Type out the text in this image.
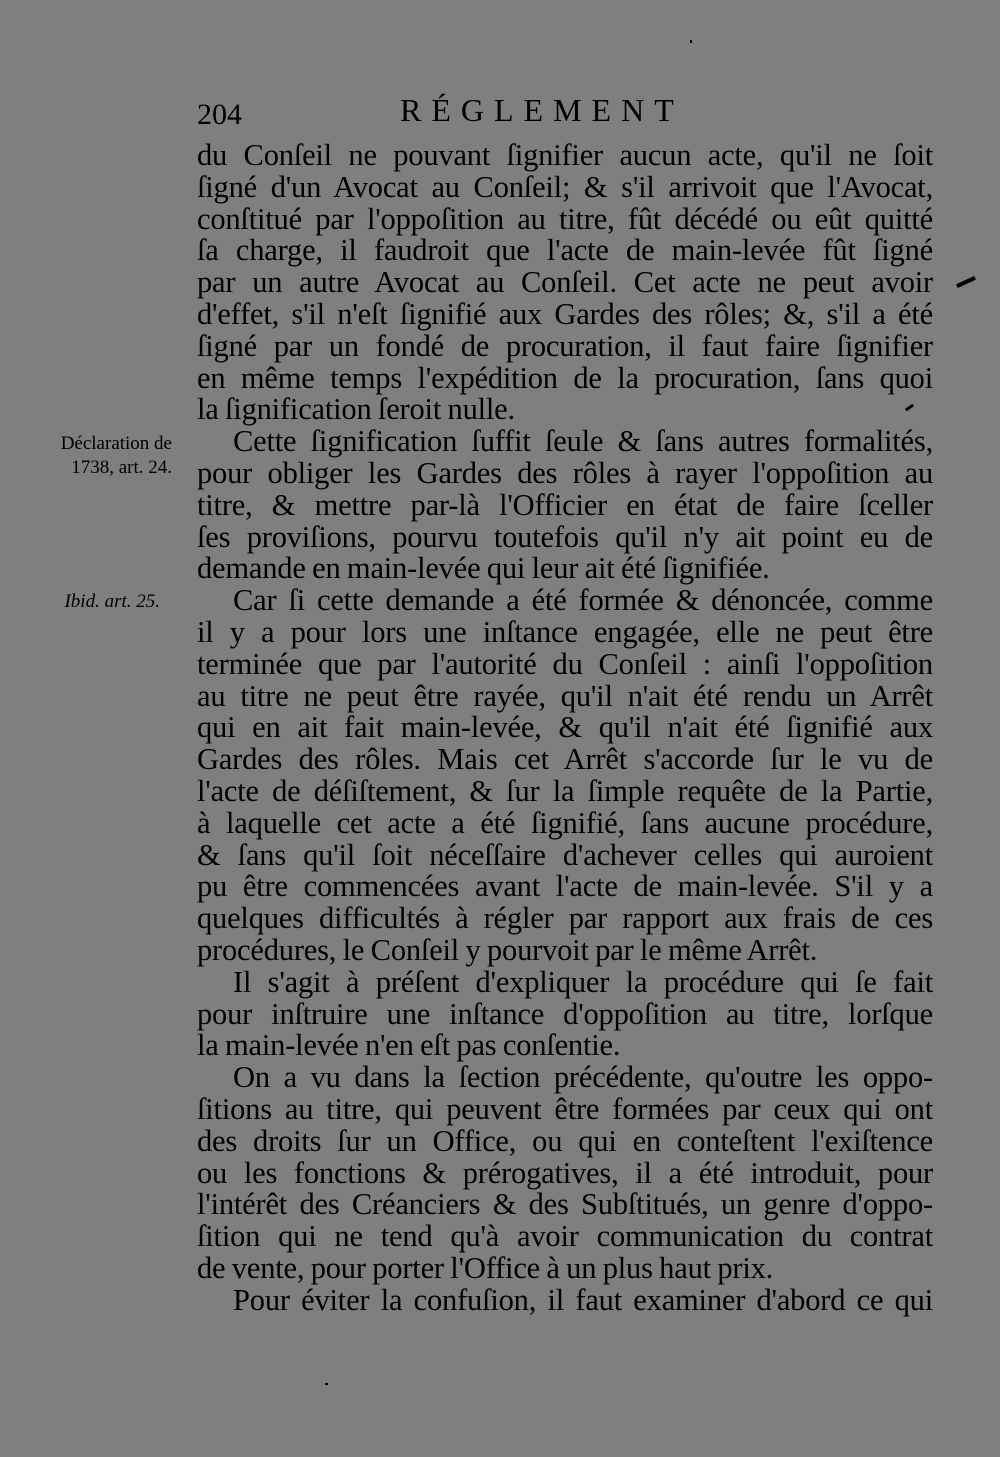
204	RÉGLEMENT
Déclaration de
1738, art. 24.
Ibid. art. 25.
du Conſeil ne pouvant ſignifier aucun acte, qu'il ne ſoit
ſigné d'un Avocat au Conſeil; & s'il arrivoit que l'Avocat,
conſtitué par l'oppoſition au titre, fût décédé ou eût quitté
ſa charge, il faudroit que l'acte de main-levée fût ſigné
par un autre Avocat au Conſeil. Cet acte ne peut avoir
d'effet, s'il n'eſt ſignifié aux Gardes des rôles; &, s'il a été
ſigné par un fondé de procuration, il faut faire ſignifier
en même temps l'expédition de la procuration, ſans quoi
la ſignification ſeroit nulle.
Cette ſignification ſuffit ſeule & ſans autres formalités,
pour obliger les Gardes des rôles à rayer l'oppoſition au
titre, & mettre par-là l'Officier en état de faire ſceller
ſes proviſions, pourvu toutefois qu'il n'y ait point eu de
demande en main-levée qui leur ait été ſignifiée.
Car ſi cette demande a été formée & dénoncée, comme
il y a pour lors une inſtance engagée, elle ne peut être
terminée que par l'autorité du Conſeil : ainſi l'oppoſition
au titre ne peut être rayée, qu'il n'ait été rendu un Arrêt
qui en ait fait main-levée, & qu'il n'ait été ſignifié aux
Gardes des rôles. Mais cet Arrêt s'accorde ſur le vu de
l'acte de déſiſtement, & ſur la ſimple requête de la Partie,
à laquelle cet acte a été ſignifié, ſans aucune procédure,
& ſans qu'il ſoit néceſſaire d'achever celles qui auroient
pu être commencées avant l'acte de main-levée. S'il y a
quelques difficultés à régler par rapport aux frais de ces
procédures, le Conſeil y pourvoit par le même Arrêt.
Il s'agit à préſent d'expliquer la procédure qui ſe fait
pour inſtruire une inſtance d'oppoſition au titre, lorſque
la main-levée n'en eſt pas conſentie.
On a vu dans la ſection précédente, qu'outre les oppo-
ſitions au titre, qui peuvent être formées par ceux qui ont
des droits ſur un Office, ou qui en conteſtent l'exiſtence
ou les fonctions & prérogatives, il a été introduit, pour
l'intérêt des Créanciers & des Subſtitués, un genre d'oppo-
ſition qui ne tend qu'à avoir communication du contrat
de vente, pour porter l'Office à un plus haut prix.
Pour éviter la confuſion, il faut examiner d'abord ce qui
